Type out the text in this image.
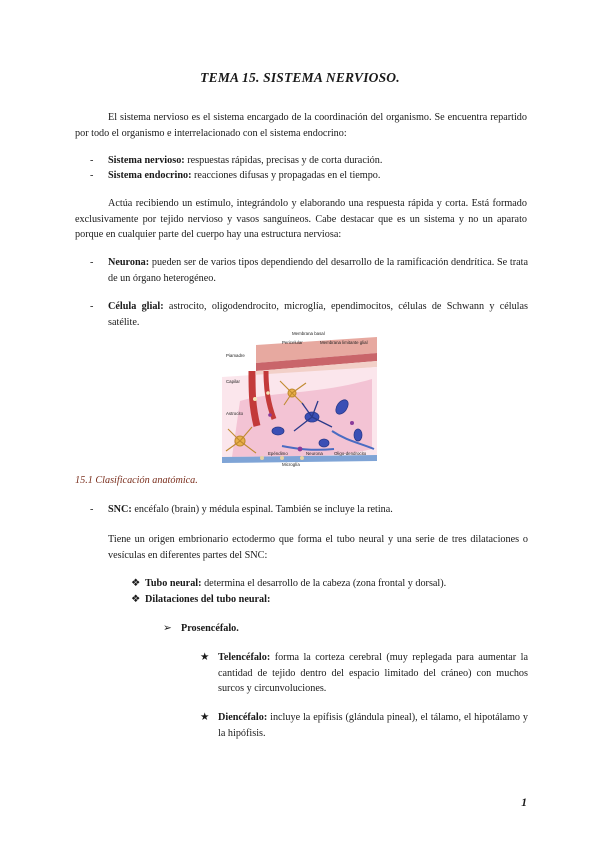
TEMA 15. SISTEMA NERVIOSO.
El sistema nervioso es el sistema encargado de la coordinación del organismo. Se encuentra repartido por todo el organismo e interrelacionado con el sistema endocrino:
- Sistema nervioso: respuestas rápidas, precisas y de corta duración.
- Sistema endocrino: reacciones difusas y propagadas en el tiempo.
Actúa recibiendo un estímulo, integrándolo y elaborando una respuesta rápida y corta. Está formado exclusivamente por tejido nervioso y vasos sanguíneos. Cabe destacar que es un sistema y no un aparato porque en cualquier parte del cuerpo hay una estructura nerviosa:
- Neurona: pueden ser de varios tipos dependiendo del desarrollo de la ramificación dendrítica. Se trata de un órgano heterogéneo.
- Célula glial: astrocito, oligodendrocito, microglía, ependimocitos, células de Schwann y células satélite.
Membrana basal
Pericelular	Membrana limitante glial
Piamadre
Capilar
Astrocito
Epéndimo	Neurona
Microglía
Oligo-dendrocito
15.1 Clasificación anatómica.
- SNC: encéfalo (brain) y médula espinal. También se incluye la retina.
Tiene un origen embrionario ectodermo que forma el tubo neural y una serie de tres dilataciones o vesículas en diferentes partes del SNC:
❖ Tubo neural: determina el desarrollo de la cabeza (zona frontal y dorsal).
❖ Dilataciones del tubo neural:
➢ Prosencéfalo.
★ Telencéfalo: forma la corteza cerebral (muy replegada para aumentar la cantidad de tejido dentro del espacio limitado del cráneo) con muchos surcos y circunvoluciones.
★ Diencéfalo: incluye la epífisis (glándula pineal), el tálamo, el hipotálamo y la hipófisis.
1
